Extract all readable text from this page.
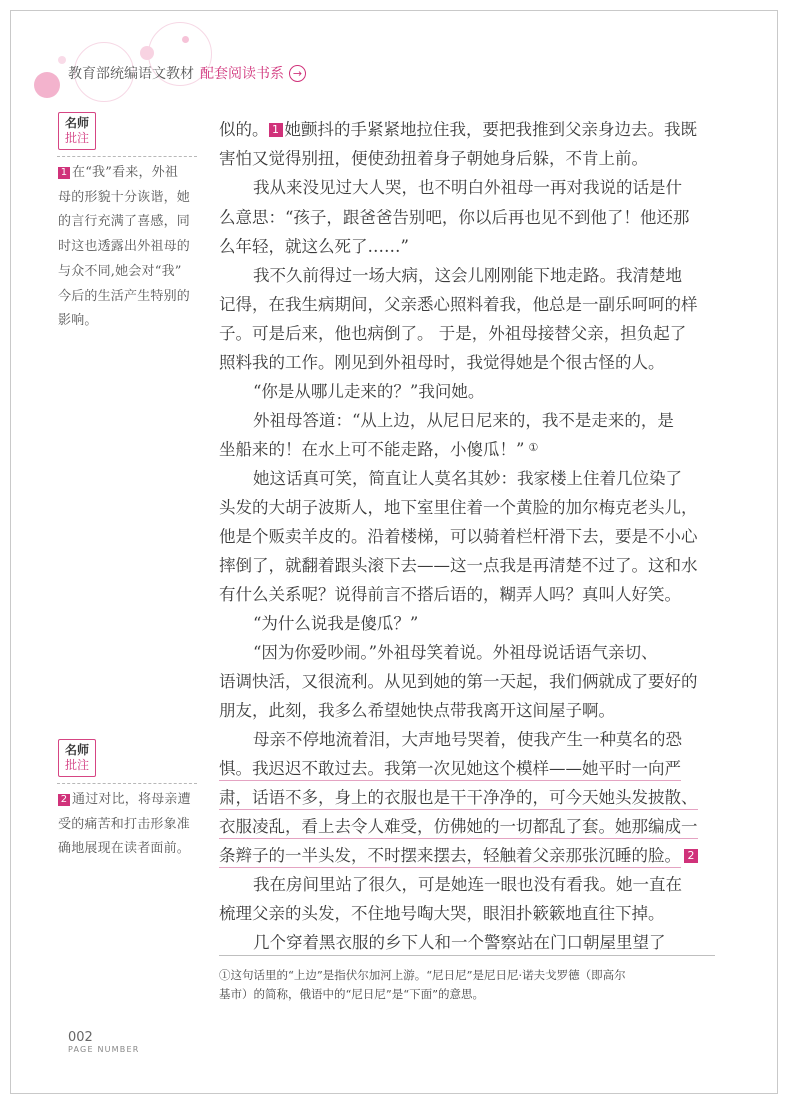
教育部统编语文教材 配套阅读书系 →
名师
批注
1 在“我”看来，外祖
母的形貌十分诙谐，她
的言行充满了喜感，同
时这也透露出外祖母的
与众不同,她会对“我”
今后的生活产生特别的
影响。
名师
批注
2 通过对比，将母亲遭
受的痛苦和打击形象准
确地展现在读者面前。
似的。 1 她颤抖的手紧紧地拉住我，要把我推到父亲身边去。我既
害怕又觉得别扭，便使劲扭着身子朝她身后躲，不肯上前。
我从来没见过大人哭，也不明白外祖母一再对我说的话是什
么意思：“孩子，跟爸爸告别吧，你以后再也见不到他了！他还那
么年轻，就这么死了……”
我不久前得过一场大病，这会儿刚刚能下地走路。我清楚地
记得，在我生病期间，父亲悉心照料着我，他总是一副乐呵呵的样
子。可是后来，他也病倒了。 于是，外祖母接替父亲，担负起了
照料我的工作。刚见到外祖母时，我觉得她是个很古怪的人。
“你是从哪儿走来的？”我问她。
外祖母答道：“从上边，从尼日尼来的，我不是走来的，是
坐船来的！在水上可不能走路，小傻瓜！” ①
她这话真可笑，简直让人莫名其妙：我家楼上住着几位染了
头发的大胡子波斯人，地下室里住着一个黄脸的加尔梅克老头儿，
他是个贩卖羊皮的。沿着楼梯，可以骑着栏杆滑下去，要是不小心
摔倒了，就翻着跟头滚下去——这一点我是再清楚不过了。这和水
有什么关系呢？说得前言不搭后语的，糊弄人吗？真叫人好笑。
“为什么说我是傻瓜？”
“因为你爱吵闹。”外祖母笑着说。外祖母说话语气亲切、
语调快活，又很流利。从见到她的第一天起，我们俩就成了要好的
朋友，此刻，我多么希望她快点带我离开这间屋子啊。
母亲不停地流着泪，大声地号哭着，使我产生一种莫名的恐
惧。我迟迟不敢过去。我第一次见她这个模样——她平时一向严
肃，话语不多，身上的衣服也是干干净净的，可今天她头发披散、
衣服凌乱，看上去令人难受，仿佛她的一切都乱了套。她那编成一
条辫子的一半头发，不时摆来摆去，轻触着父亲那张沉睡的脸。 2
我在房间里站了很久，可是她连一眼也没有看我。她一直在
梳理父亲的头发，不住地号啕大哭，眼泪扑簌簌地直往下掉。
几个穿着黑衣服的乡下人和一个警察站在门口朝屋里望了
①这句话里的“上边”是指伏尔加河上游。“尼日尼”是尼日尼·诺夫戈罗德（即高尔
基市）的简称，俄语中的“尼日尼”是“下面”的意思。
002
PAGE NUMBER
